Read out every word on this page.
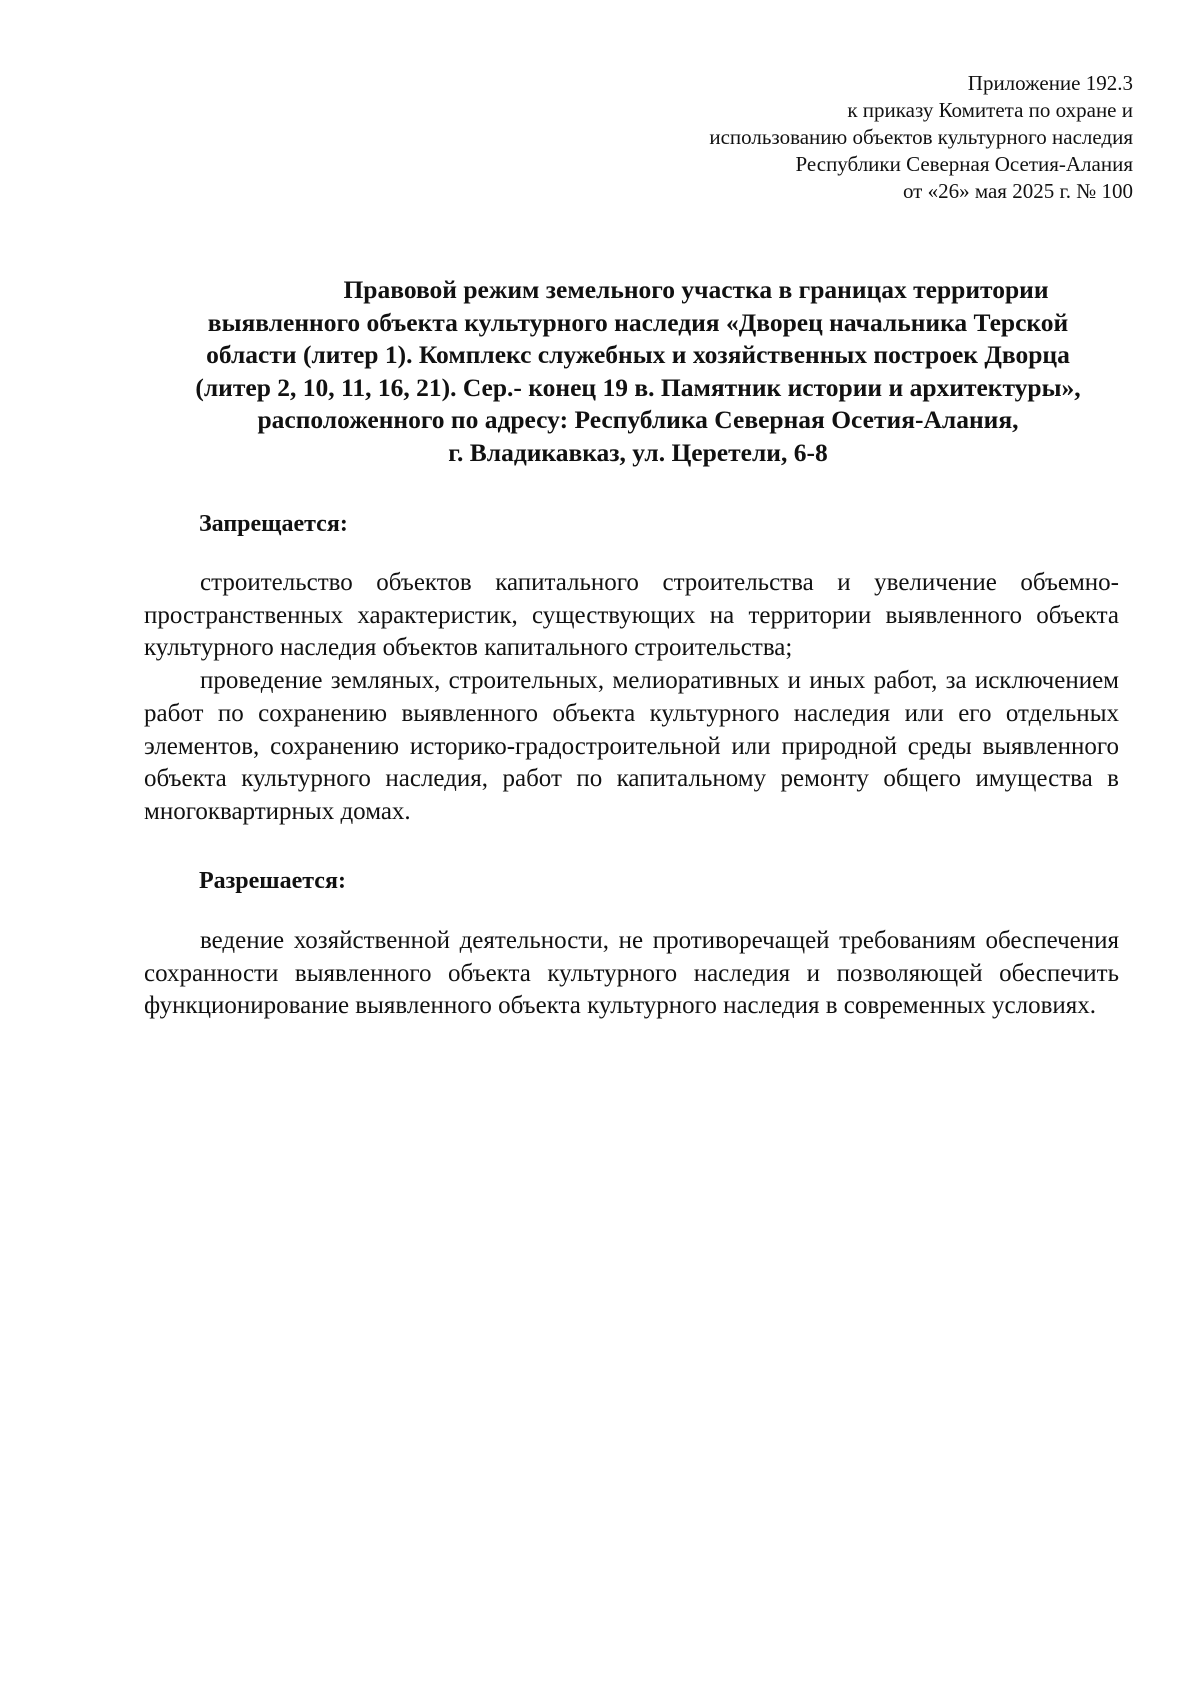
Приложение 192.3
к приказу Комитета по охране и
использованию объектов культурного наследия
Республики Северная Осетия-Алания
от «26» мая 2025 г. № 100
Правовой режим земельного участка в границах территории
выявленного объекта культурного наследия «Дворец начальника Терской
области (литер 1). Комплекс служебных и хозяйственных построек Дворца
(литер 2, 10, 11, 16, 21). Сер.- конец 19 в. Памятник истории и архитектуры»,
расположенного по адресу: Республика Северная Осетия-Алания,
г. Владикавказ, ул. Церетели, 6-8
Запрещается:

строительство объектов капитального строительства и увеличение объемно-пространственных характеристик, существующих на территории выявленного объекта культурного наследия объектов капитального строительства;

проведение земляных, строительных, мелиоративных и иных работ, за исключением работ по сохранению выявленного объекта культурного наследия или его отдельных элементов, сохранению историко-градостроительной или природной среды выявленного объекта культурного наследия, работ по капитальному ремонту общего имущества в многоквартирных домах.

Разрешается:

ведение хозяйственной деятельности, не противоречащей требованиям обеспечения сохранности выявленного объекта культурного наследия и позволяющей обеспечить функционирование выявленного объекта культурного наследия в современных условиях.
